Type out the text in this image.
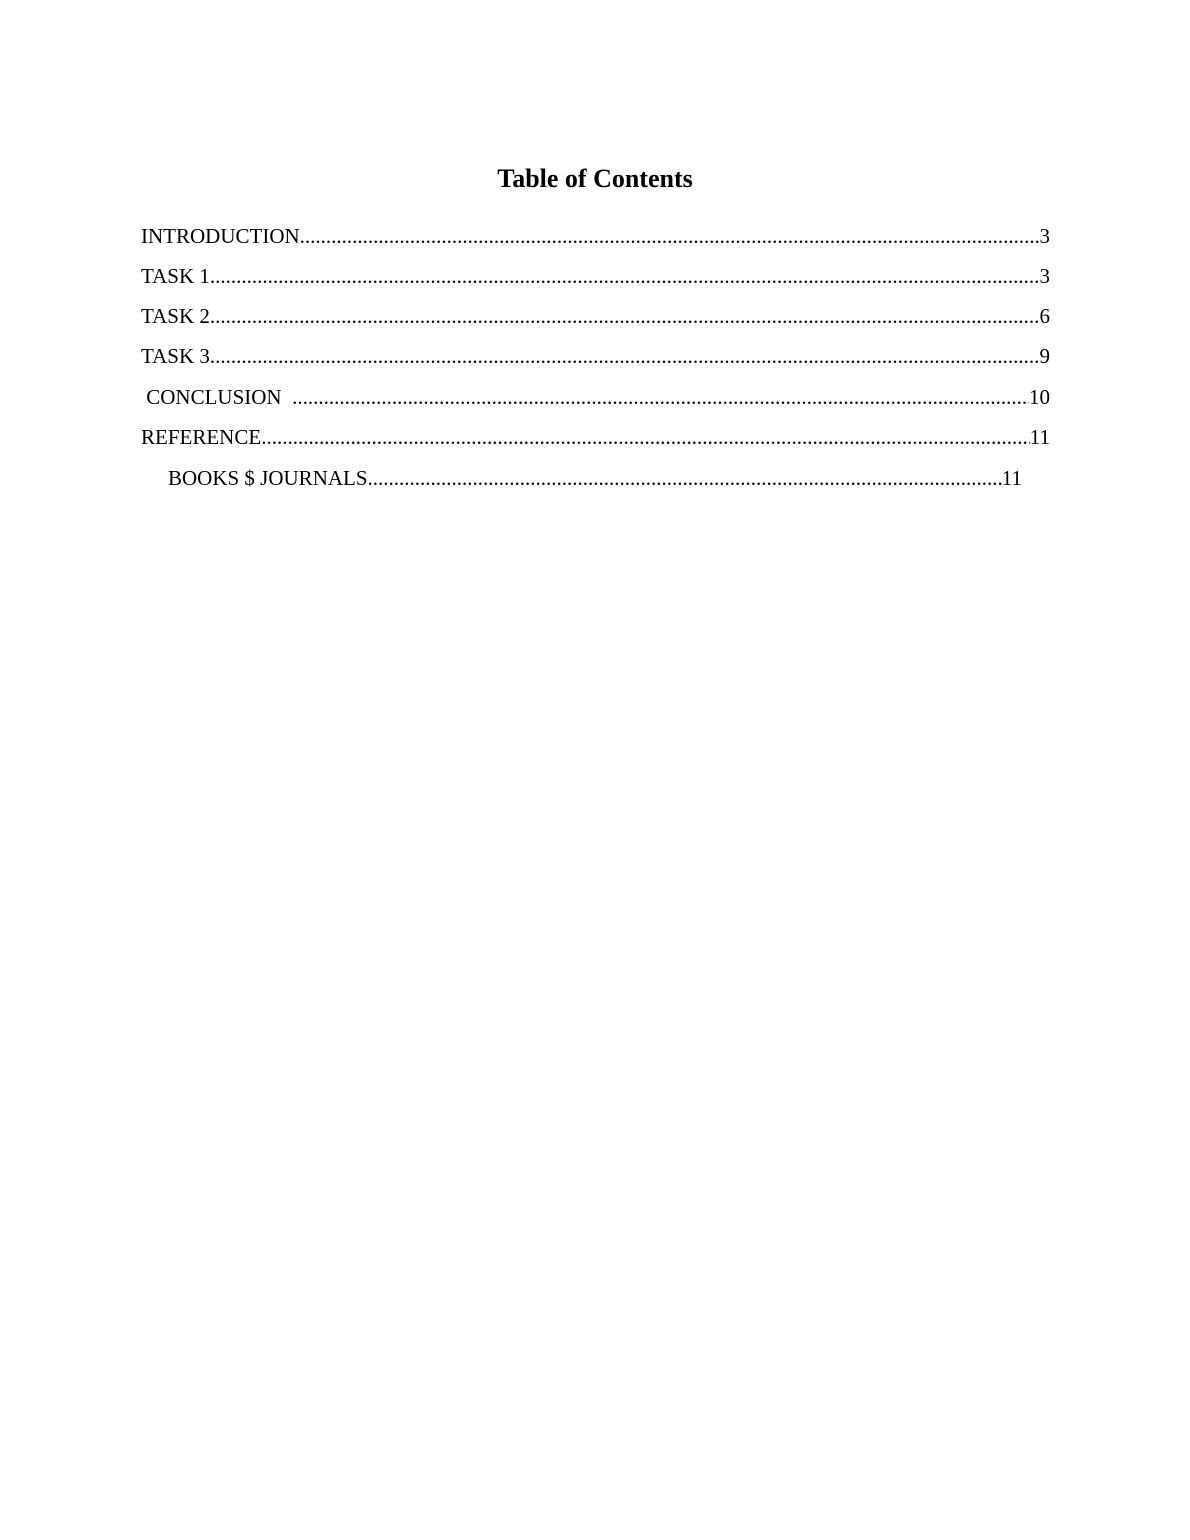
Table of Contents
INTRODUCTION .....	3
TASK 1 .....	3
TASK 2 .....	6
TASK 3 .....	9
CONCLUSION .....	10
REFERENCE .....	11
BOOKS $ JOURNALS .....	11
